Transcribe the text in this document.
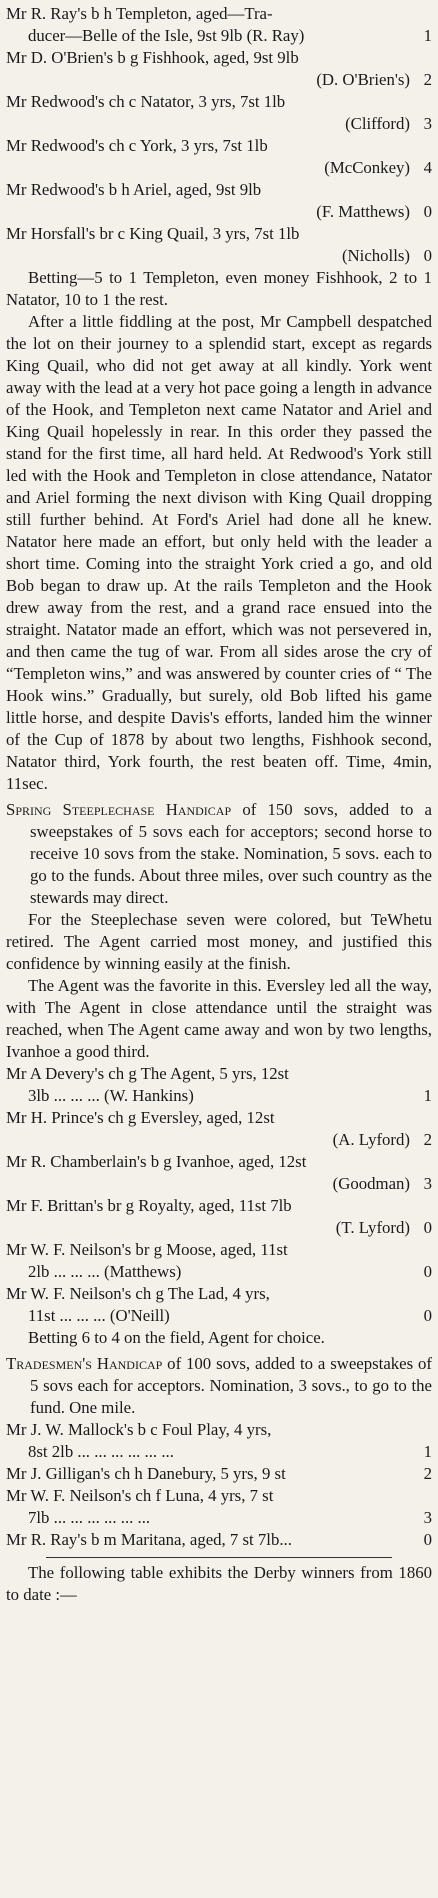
Mr R. Ray's b h Templeton, aged—Tra-
ducer—Belle of the Isle, 9st 9lb (R. Ray)	1
Mr D. O'Brien's b g Fishhook, aged, 9st 9lb
(D. O'Brien's) 2
Mr Redwood's ch c Natator, 3 yrs, 7st 1lb
(Clifford) 3
Mr Redwood's ch c York, 3 yrs, 7st 1lb
(McConkey) 4
Mr Redwood's b h Ariel, aged, 9st 9lb
(F. Matthews) 0
Mr Horsfall's br c King Quail, 3 yrs, 7st 1lb
(Nicholls) 0

Betting—5 to 1 Templeton, even money Fishhook, 2 to 1 Natator, 10 to 1 the rest.

After a little fiddling at the post, Mr Campbell despatched the lot on their journey to a splendid start, except as regards King Quail, who did not get away at all kindly. York went away with the lead at a very hot pace going a length in advance of the Hook, and Templeton next came Natator and Ariel and King Quail hopelessly in rear. In this order they passed the stand for the first time, all hard held. At Redwood's York still led with the Hook and Templeton in close attendance, Natator and Ariel forming the next divison with King Quail dropping still further behind. At Ford's Ariel had done all he knew. Natator here made an effort, but only held with the leader a short time. Coming into the straight York cried a go, and old Bob began to draw up. At the rails Templeton and the Hook drew away from the rest, and a grand race ensued into the straight. Natator made an effort, which was not persevered in, and then came the tug of war. From all sides arose the cry of “Templeton wins,” and was answered by counter cries of “ The Hook wins.” Gradually, but surely, old Bob lifted his game little horse, and despite Davis's efforts, landed him the winner of the Cup of 1878 by about two lengths, Fishhook second, Natator third, York fourth, the rest beaten off. Time, 4min, 11sec.

Spring Steeplechase Handicap of 150 sovs, added to a sweepstakes of 5 sovs each for acceptors; second horse to receive 10 sovs from the stake. Nomination, 5 sovs. each to go to the funds. About three miles, over such country as the stewards may direct.

For the Steeplechase seven were colored, but TeWhetu retired. The Agent carried most money, and justified this confidence by winning easily at the finish.

The Agent was the favorite in this. Eversley led all the way, with The Agent in close attendance until the straight was reached, when The Agent came away and won by two lengths, Ivanhoe a good third.

Mr A Devery's ch g The Agent, 5 yrs, 12st
3lb ... ... ... (W. Hankins)	1
Mr H. Prince's ch g Eversley, aged, 12st
(A. Lyford) 2
Mr R. Chamberlain's b g Ivanhoe, aged, 12st
(Goodman) 3
Mr F. Brittan's br g Royalty, aged, 11st 7lb
(T. Lyford) 0
Mr W. F. Neilson's br g Moose, aged, 11st
2lb ... ... ... (Matthews)	0
Mr W. F. Neilson's ch g The Lad, 4 yrs,
11st ... ... ... (O'Neill)	0

Betting 6 to 4 on the field, Agent for choice.

Tradesmen's Handicap of 100 sovs, added to a sweepstakes of 5 sovs each for acceptors. Nomination, 3 sovs., to go to the fund. One mile.

Mr J. W. Mallock's b c Foul Play, 4 yrs,
8st 2lb ... ... ... ... ... ...	1
Mr J. Gilligan's ch h Danebury, 5 yrs, 9 st	2
Mr W. F. Neilson's ch f Luna, 4 yrs, 7 st
7lb ... ... ... ... ... ...	3
Mr R. Ray's b m Maritana, aged, 7 st 7lb...	0

The following table exhibits the Derby winners from 1860 to date :—
